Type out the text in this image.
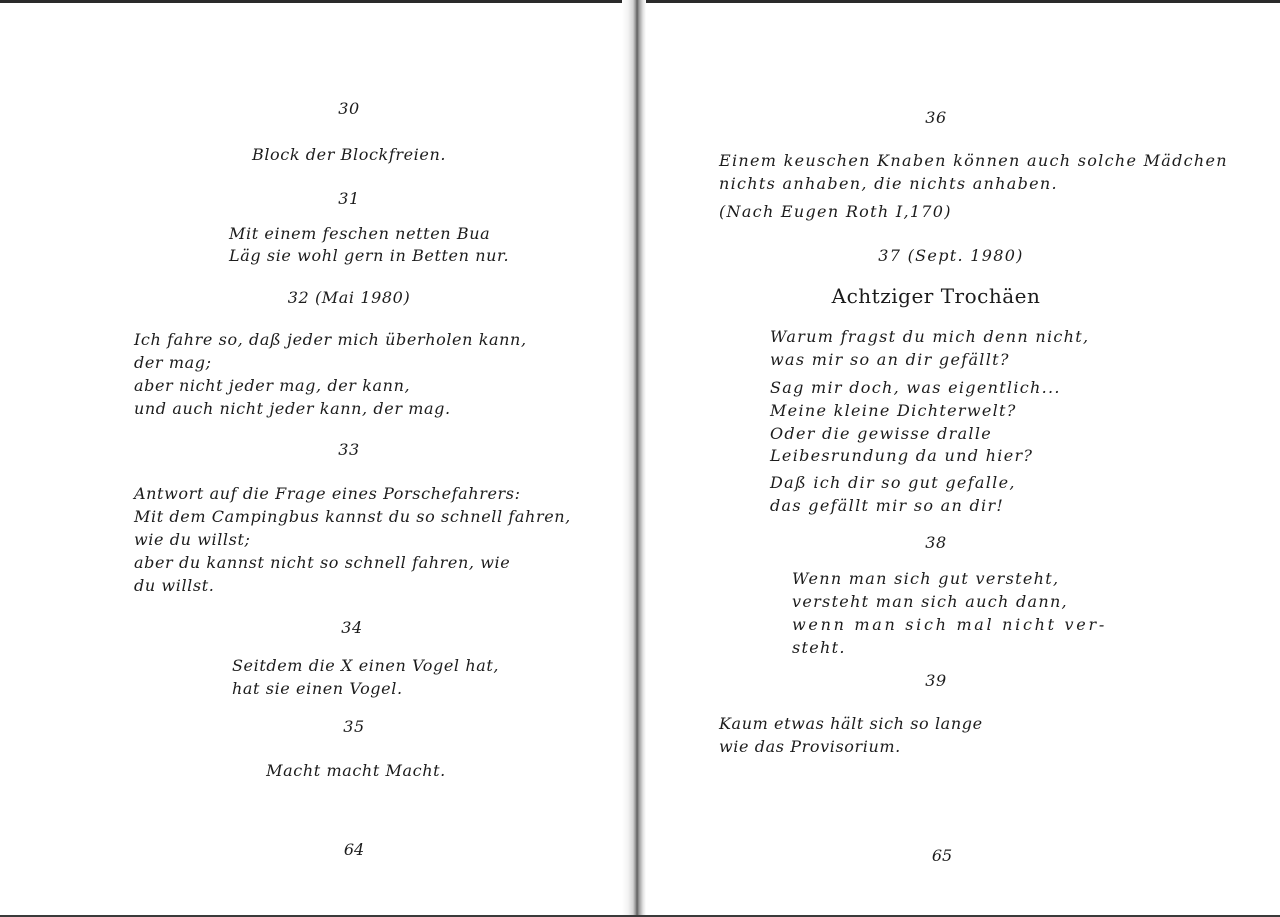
30

Block der Blockfreien.

31

Mit einem feschen netten Bua

Läg sie wohl gern in Betten nur.

32 (Mai 1980)

Ich fahre so, daß jeder mich überholen kann,

der mag;

aber nicht jeder mag, der kann,

und auch nicht jeder kann, der mag.

33

Antwort auf die Frage eines Porschefahrers:

Mit dem Campingbus kannst du so schnell fahren,

wie du willst;

aber du kannst nicht so schnell fahren, wie

du willst.

34

Seitdem die X einen Vogel hat,

hat sie einen Vogel.

35

Macht macht Macht.

64

36

Einem keuschen Knaben können auch solche Mädchen

nichts anhaben, die nichts anhaben.

(Nach Eugen Roth I,170)

37 (Sept. 1980)

Achtziger Trochäen

Warum fragst du mich denn nicht,

was mir so an dir gefällt?

Sag mir doch, was eigentlich...

Meine kleine Dichterwelt?

Oder die gewisse dralle

Leibesrundung da und hier?

Daß ich dir so gut gefalle,

das gefällt mir so an dir!

38

Wenn man sich gut versteht,

versteht man sich auch dann,

wenn man sich mal nicht ver-

steht.

39

Kaum etwas hält sich so lange

wie das Provisorium.

65
